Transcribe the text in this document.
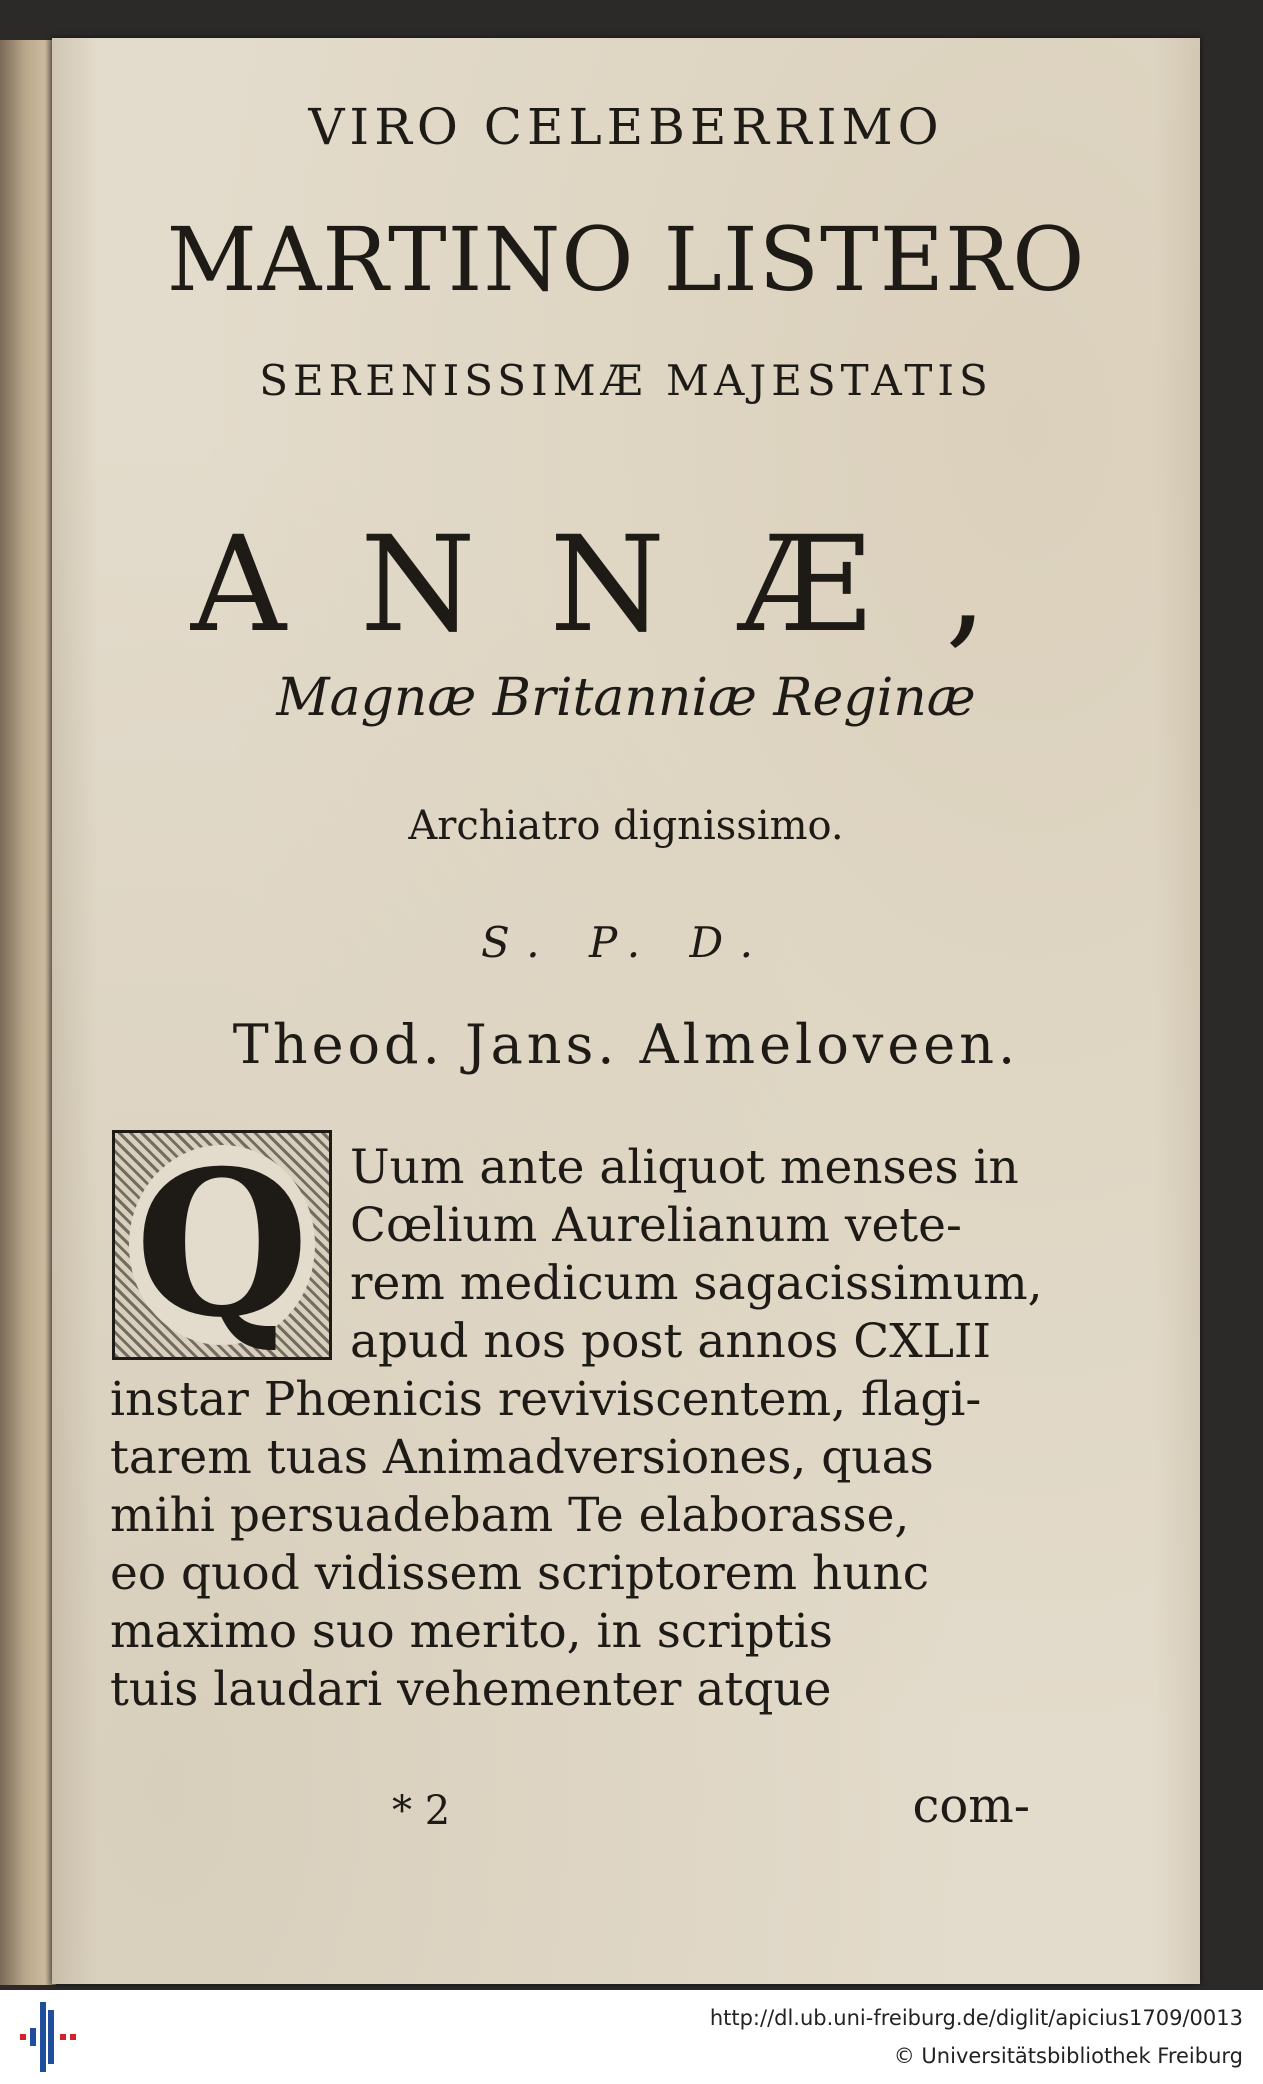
VIRO CELEBERRIMO
MARTINO LISTERO
SERENISSIMÆ MAJESTATIS
ANNÆ,
Magnæ Britanniæ Reginæ
Archiatro dignissimo.
S. P. D.
Theod. Jans. Almeloveen.
Q Uum ante aliquot menses in
Cœlium Aurelianum vete-
rem medicum sagacissimum,
apud nos post annos CXLII
instar Phœnicis reviviscentem, flagi-
tarem tuas Animadversiones, quas
mihi persuadebam Te elaborasse,
eo quod vidissem scriptorem hunc
maximo suo merito, in scriptis
tuis laudari vehementer atque
* 2	com-
http://dl.ub.uni-freiburg.de/diglit/apicius1709/0013
© Universitätsbibliothek Freiburg
